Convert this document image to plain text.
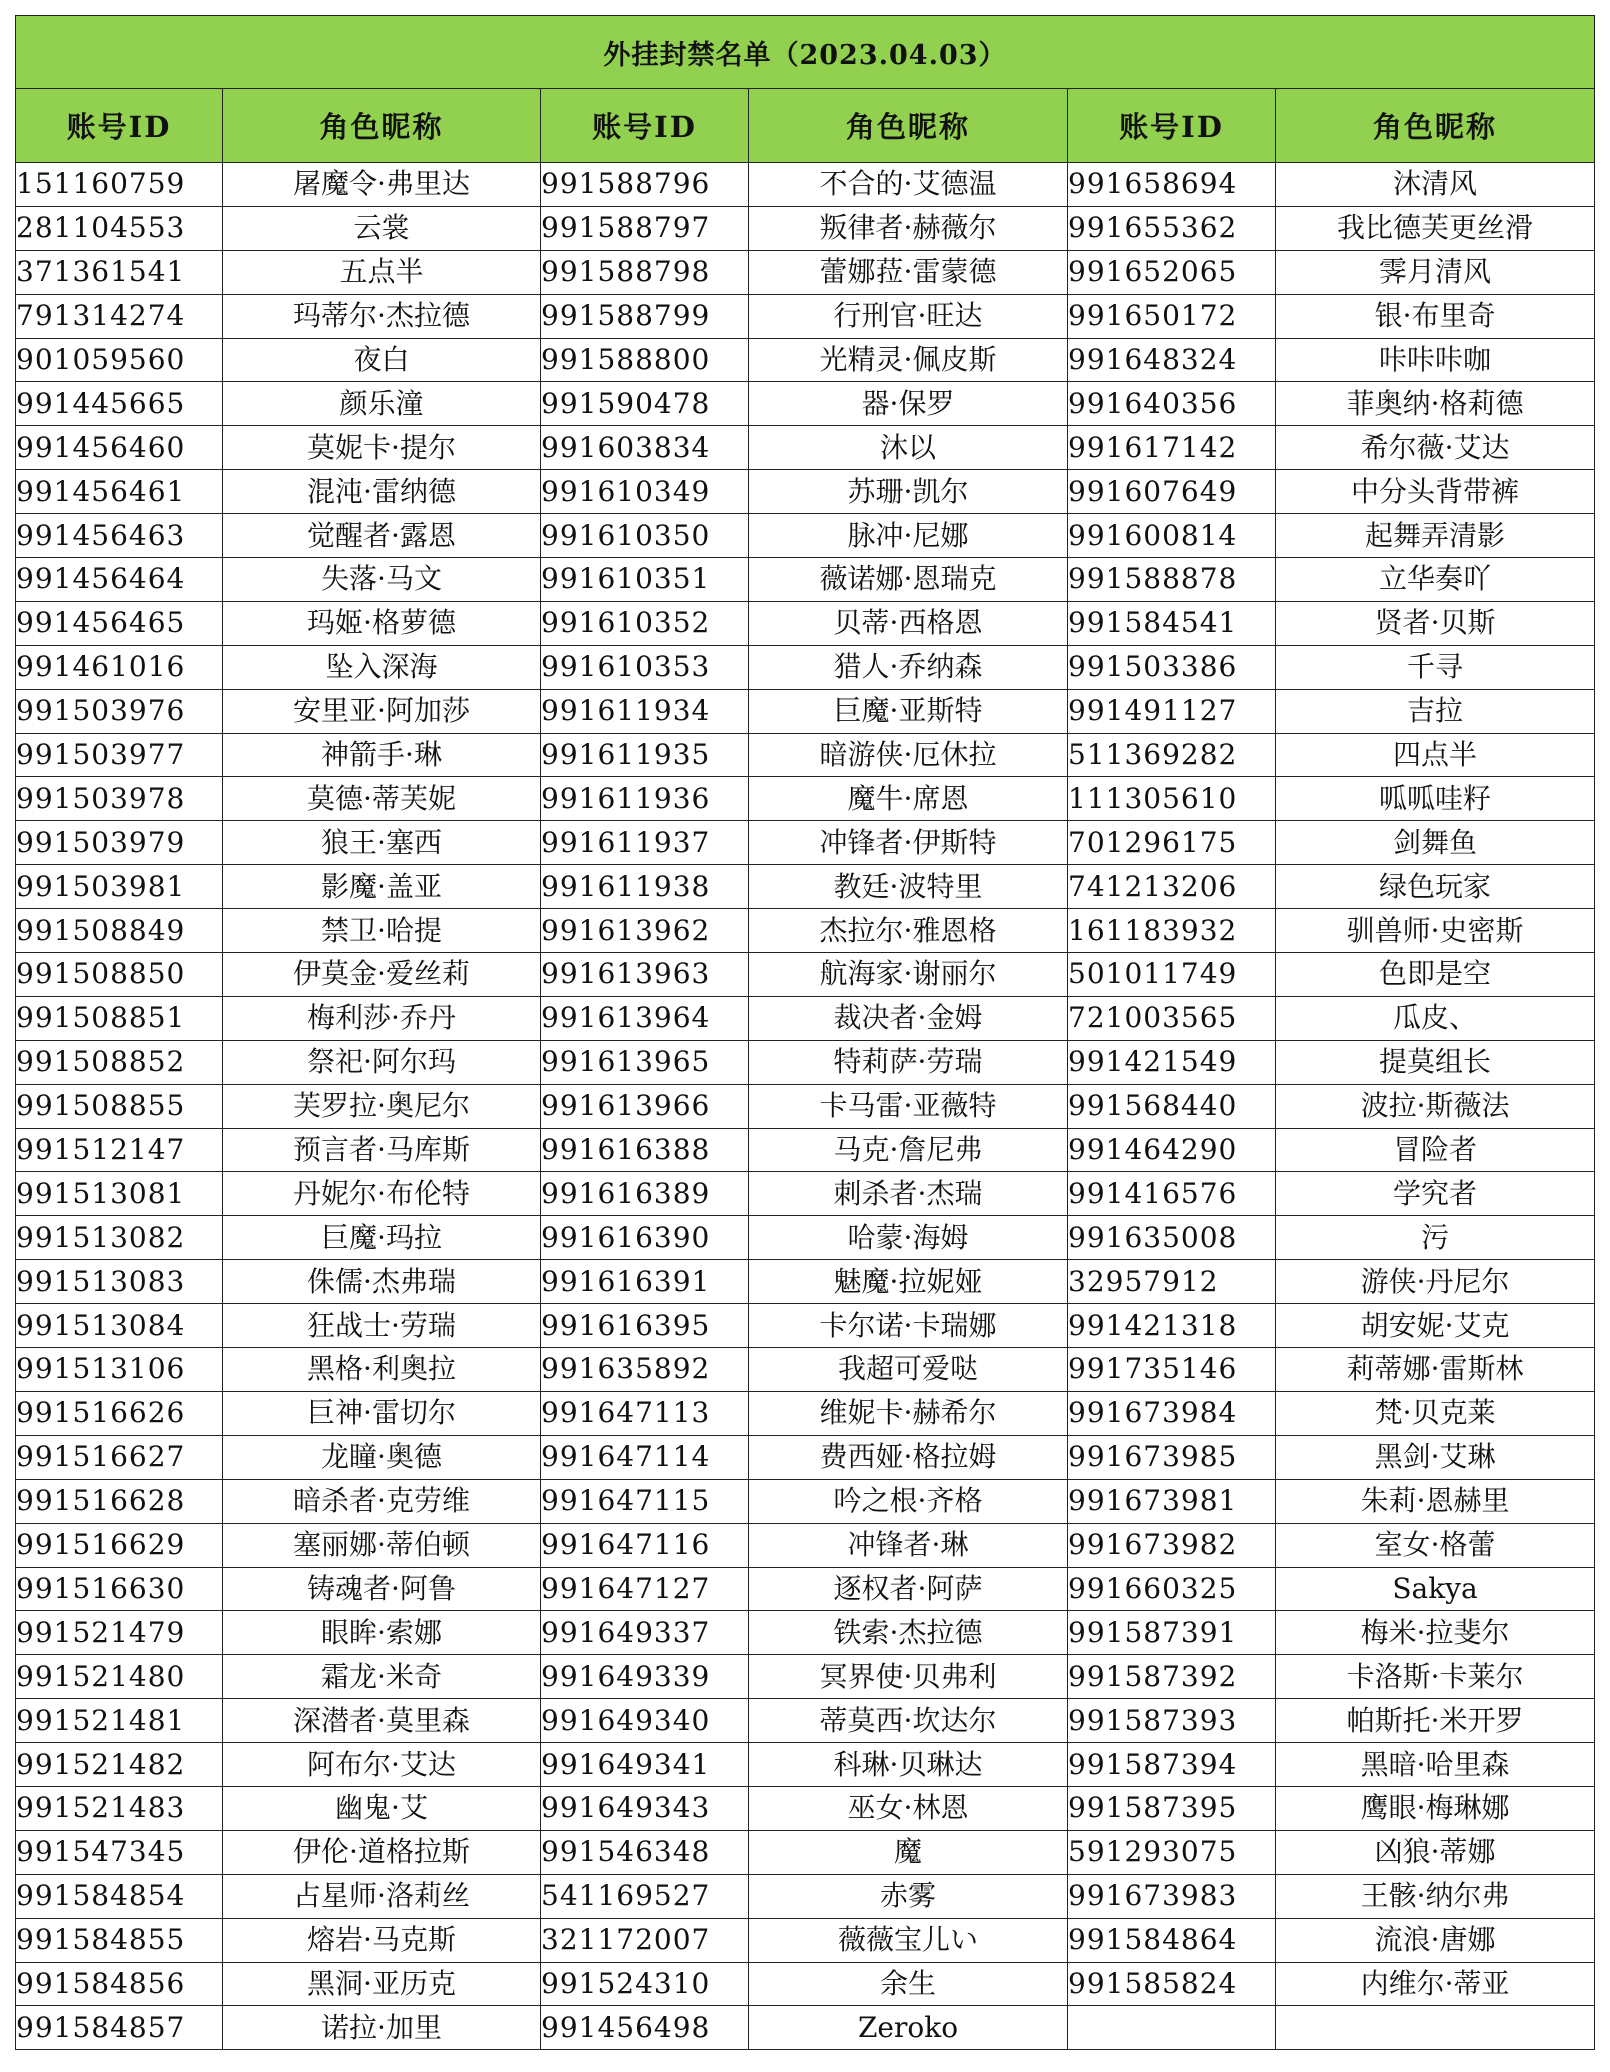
外挂封禁名单（2023.04.03）					
账号ID	角色昵称	账号ID	角色昵称	账号ID	角色昵称
151160759	屠魔令·弗里达	991588796	不合的·艾德温	991658694	沐清风
281104553	云裳	991588797	叛律者·赫薇尔	991655362	我比德芙更丝滑
371361541	五点半	991588798	蕾娜菈·雷蒙德	991652065	霁月清风
791314274	玛蒂尔·杰拉德	991588799	行刑官·旺达	991650172	银·布里奇
901059560	夜白	991588800	光精灵·佩皮斯	991648324	咔咔咔咖
991445665	颜乐潼	991590478	器·保罗	991640356	菲奥纳·格莉德
991456460	莫妮卡·提尔	991603834	沐以	991617142	希尔薇·艾达
991456461	混沌·雷纳德	991610349	苏珊·凯尔	991607649	中分头背带裤
991456463	觉醒者·露恩	991610350	脉冲·尼娜	991600814	起舞弄清影
991456464	失落·马文	991610351	薇诺娜·恩瑞克	991588878	立华奏吖
991456465	玛姬·格萝德	991610352	贝蒂·西格恩	991584541	贤者·贝斯
991461016	坠入深海	991610353	猎人·乔纳森	991503386	千寻
991503976	安里亚·阿加莎	991611934	巨魔·亚斯特	991491127	吉拉
991503977	神箭手·琳	991611935	暗游侠·厄休拉	511369282	四点半
991503978	莫德·蒂芙妮	991611936	魔牛·席恩	111305610	呱呱哇籽
991503979	狼王·塞西	991611937	冲锋者·伊斯特	701296175	剑舞鱼
991503981	影魔·盖亚	991611938	教廷·波特里	741213206	绿色玩家
991508849	禁卫·哈提	991613962	杰拉尔·雅恩格	161183932	驯兽师·史密斯
991508850	伊莫金·爱丝莉	991613963	航海家·谢丽尔	501011749	色即是空
991508851	梅利莎·乔丹	991613964	裁决者·金姆	721003565	瓜皮、
991508852	祭祀·阿尔玛	991613965	特莉萨·劳瑞	991421549	提莫组长
991508855	芙罗拉·奥尼尔	991613966	卡马雷·亚薇特	991568440	波拉·斯薇法
991512147	预言者·马库斯	991616388	马克·詹尼弗	991464290	冒险者
991513081	丹妮尔·布伦特	991616389	刺杀者·杰瑞	991416576	学究者
991513082	巨魔·玛拉	991616390	哈蒙·海姆	991635008	污
991513083	侏儒·杰弗瑞	991616391	魅魔·拉妮娅	32957912	游侠·丹尼尔
991513084	狂战士·劳瑞	991616395	卡尔诺·卡瑞娜	991421318	胡安妮·艾克
991513106	黑格·利奥拉	991635892	我超可爱哒	991735146	莉蒂娜·雷斯林
991516626	巨神·雷切尔	991647113	维妮卡·赫希尔	991673984	梵·贝克莱
991516627	龙瞳·奥德	991647114	费西娅·格拉姆	991673985	黑剑·艾琳
991516628	暗杀者·克劳维	991647115	吟之根·齐格	991673981	朱莉·恩赫里
991516629	塞丽娜·蒂伯顿	991647116	冲锋者·琳	991673982	室女·格蕾
991516630	铸魂者·阿鲁	991647127	逐权者·阿萨	991660325	Sakya
991521479	眼眸·索娜	991649337	铁索·杰拉德	991587391	梅米·拉斐尔
991521480	霜龙·米奇	991649339	冥界使·贝弗利	991587392	卡洛斯·卡莱尔
991521481	深潜者·莫里森	991649340	蒂莫西·坎达尔	991587393	帕斯托·米开罗
991521482	阿布尔·艾达	991649341	科琳·贝琳达	991587394	黑暗·哈里森
991521483	幽鬼·艾	991649343	巫女·林恩	991587395	鹰眼·梅琳娜
991547345	伊伦·道格拉斯	991546348	魔	591293075	凶狼·蒂娜
991584854	占星师·洛莉丝	541169527	赤雾	991673983	王骸·纳尔弗
991584855	熔岩·马克斯	321172007	薇薇宝儿い	991584864	流浪·唐娜
991584856	黑洞·亚历克	991524310	余生	991585824	内维尔·蒂亚
991584857	诺拉·加里	991456498	Zeroko		
